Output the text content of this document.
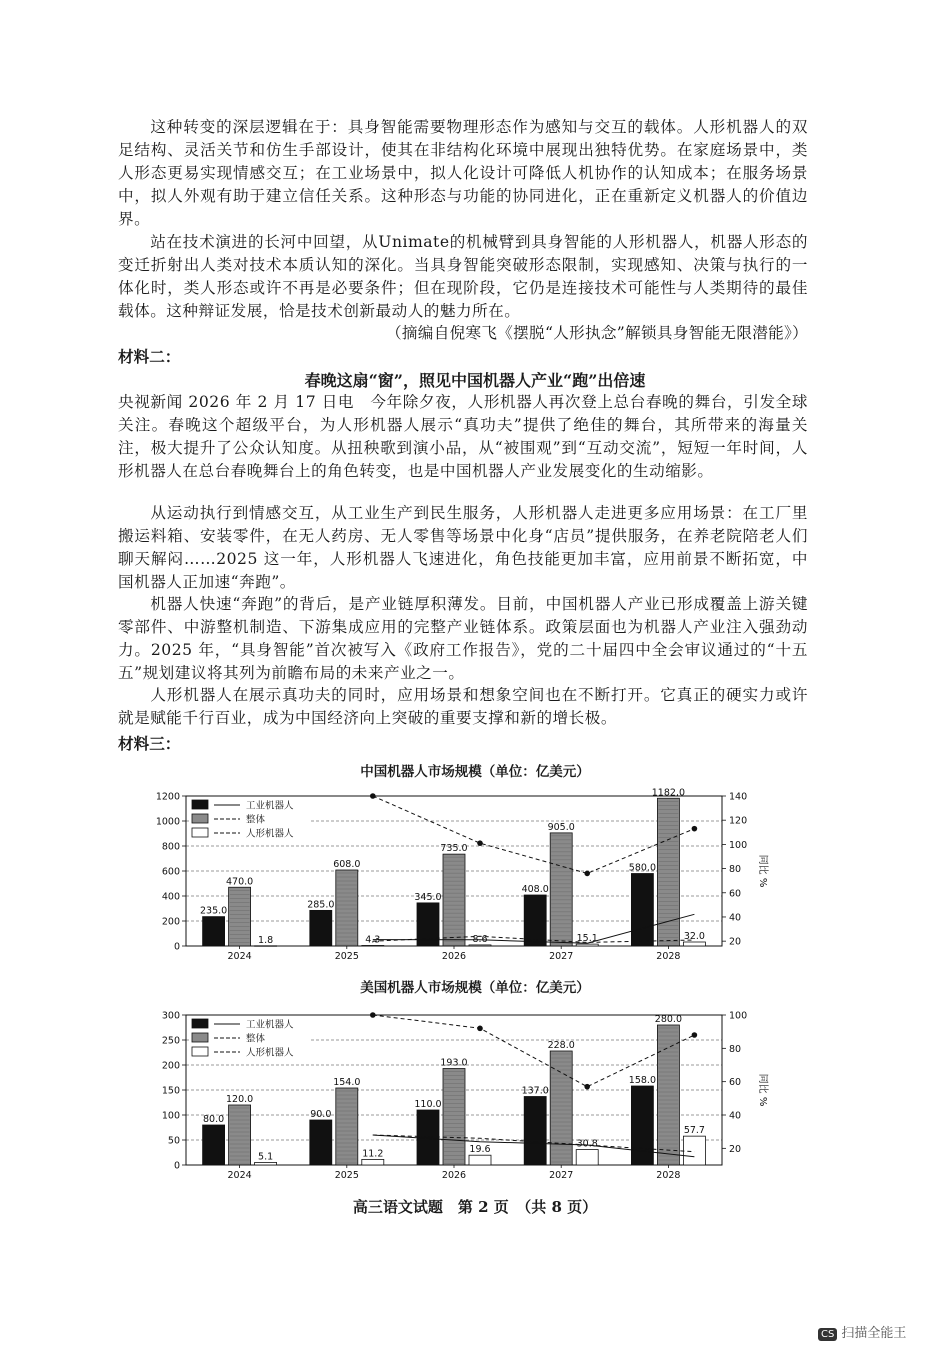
这种转变的深层逻辑在于：具身智能需要物理形态作为感知与交互的载体。人形机器人的双足结构、灵活关节和仿生手部设计，使其在非结构化环境中展现出独特优势。在家庭场景中，类人形态更易实现情感交互；在工业场景中，拟人化设计可降低人机协作的认知成本；在服务场景中，拟人外观有助于建立信任关系。这种形态与功能的协同进化，正在重新定义机器人的价值边界。

站在技术演进的长河中回望，从Unimate的机械臂到具身智能的人形机器人，机器人形态的变迁折射出人类对技术本质认知的深化。当具身智能突破形态限制，实现感知、决策与执行的一体化时，类人形态或许不再是必要条件；但在现阶段，它仍是连接技术可能性与人类期待的最佳载体。这种辩证发展，恰是技术创新最动人的魅力所在。

（摘编自倪寒飞《摆脱“人形执念”解锁具身智能无限潜能》）

材料二：

春晚这扇“窗”，照见中国机器人产业“跑”出倍速

央视新闻 2026 年 2 月 17 日电　今年除夕夜，人形机器人再次登上总台春晚的舞台，引发全球关注。春晚这个超级平台，为人形机器人展示“真功夫”提供了绝佳的舞台，其所带来的海量关注，极大提升了公众认知度。从扭秧歌到演小品，从“被围观”到“互动交流”，短短一年时间，人形机器人在总台春晚舞台上的角色转变，也是中国机器人产业发展变化的生动缩影。

从运动执行到情感交互，从工业生产到民生服务，人形机器人走进更多应用场景：在工厂里搬运料箱、安装零件，在无人药房、无人零售等场景中化身“店员”提供服务，在养老院陪老人们聊天解闷……2025 这一年，人形机器人飞速进化，角色技能更加丰富，应用前景不断拓宽，中国机器人正加速“奔跑”。

机器人快速“奔跑”的背后，是产业链厚积薄发。目前，中国机器人产业已形成覆盖上游关键零部件、中游整机制造、下游集成应用的完整产业链体系。政策层面也为机器人产业注入强劲动力。2025 年，“具身智能”首次被写入《政府工作报告》，党的二十届四中全会审议通过的“十五五”规划建议将其列为前瞻布局的未来产业之一。

人形机器人在展示真功夫的同时，应用场景和想象空间也在不断打开。它真正的硬实力或许就是赋能千行百业，成为中国经济向上突破的重要支撑和新的增长极。

材料三：

中国机器人市场规模（单位：亿美元）

0
200
400
600
800
1000
1200
20
40
60
80
100
120
140
同比 %
235.0
470.0
1.8
2024
285.0
608.0
4.3
2025
345.0
735.0
8.6
2026
408.0
905.0
15.1
2027
580.0
1182.0
32.0
2028
工业机器人
整体
人形机器人

美国机器人市场规模（单位：亿美元）

0
50
100
150
200
250
300
20
40
60
80
100
同比 %
80.0
120.0
5.1
2024
90.0
154.0
11.2
2025
110.0
193.0
19.6
2026
137.0
228.0
30.8
2027
158.0
280.0
57.7
2028
工业机器人
整体
人形机器人
高三语文试题　第 2 页　（共 8 页）
CS 扫描全能王
